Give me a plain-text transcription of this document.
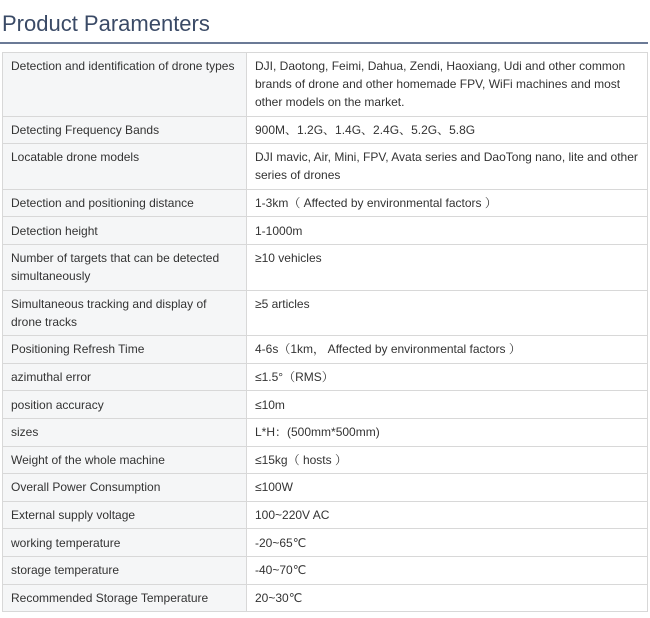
Product Paramenters
Detection and identification of drone types	DJI, Daotong, Feimi, Dahua, Zendi, Haoxiang, Udi and other common brands of drone and other homemade FPV, WiFi machines and most other models on the market.
Detecting Frequency Bands	900M、1.2G、1.4G、2.4G、5.2G、5.8G
Locatable drone models	DJI mavic, Air, Mini, FPV, Avata series and DaoTong nano, lite and other series of drones
Detection and positioning distance	1-3km（ Affected by environmental factors ）
Detection height	1-1000m
Number of targets that can be detected simultaneously	≥10 vehicles
Simultaneous tracking and display of drone tracks	≥5 articles
Positioning Refresh Time	4-6s（1km， Affected by environmental factors ）
azimuthal error	≤1.5°（RMS）
position accuracy	≤10m
sizes	L*H：(500mm*500mm)
Weight of the whole machine	≤15kg（ hosts ）
Overall Power Consumption	≤100W
External supply voltage	100~220V AC
working temperature	-20~65℃
storage temperature	-40~70℃
Recommended Storage Temperature	20~30℃
